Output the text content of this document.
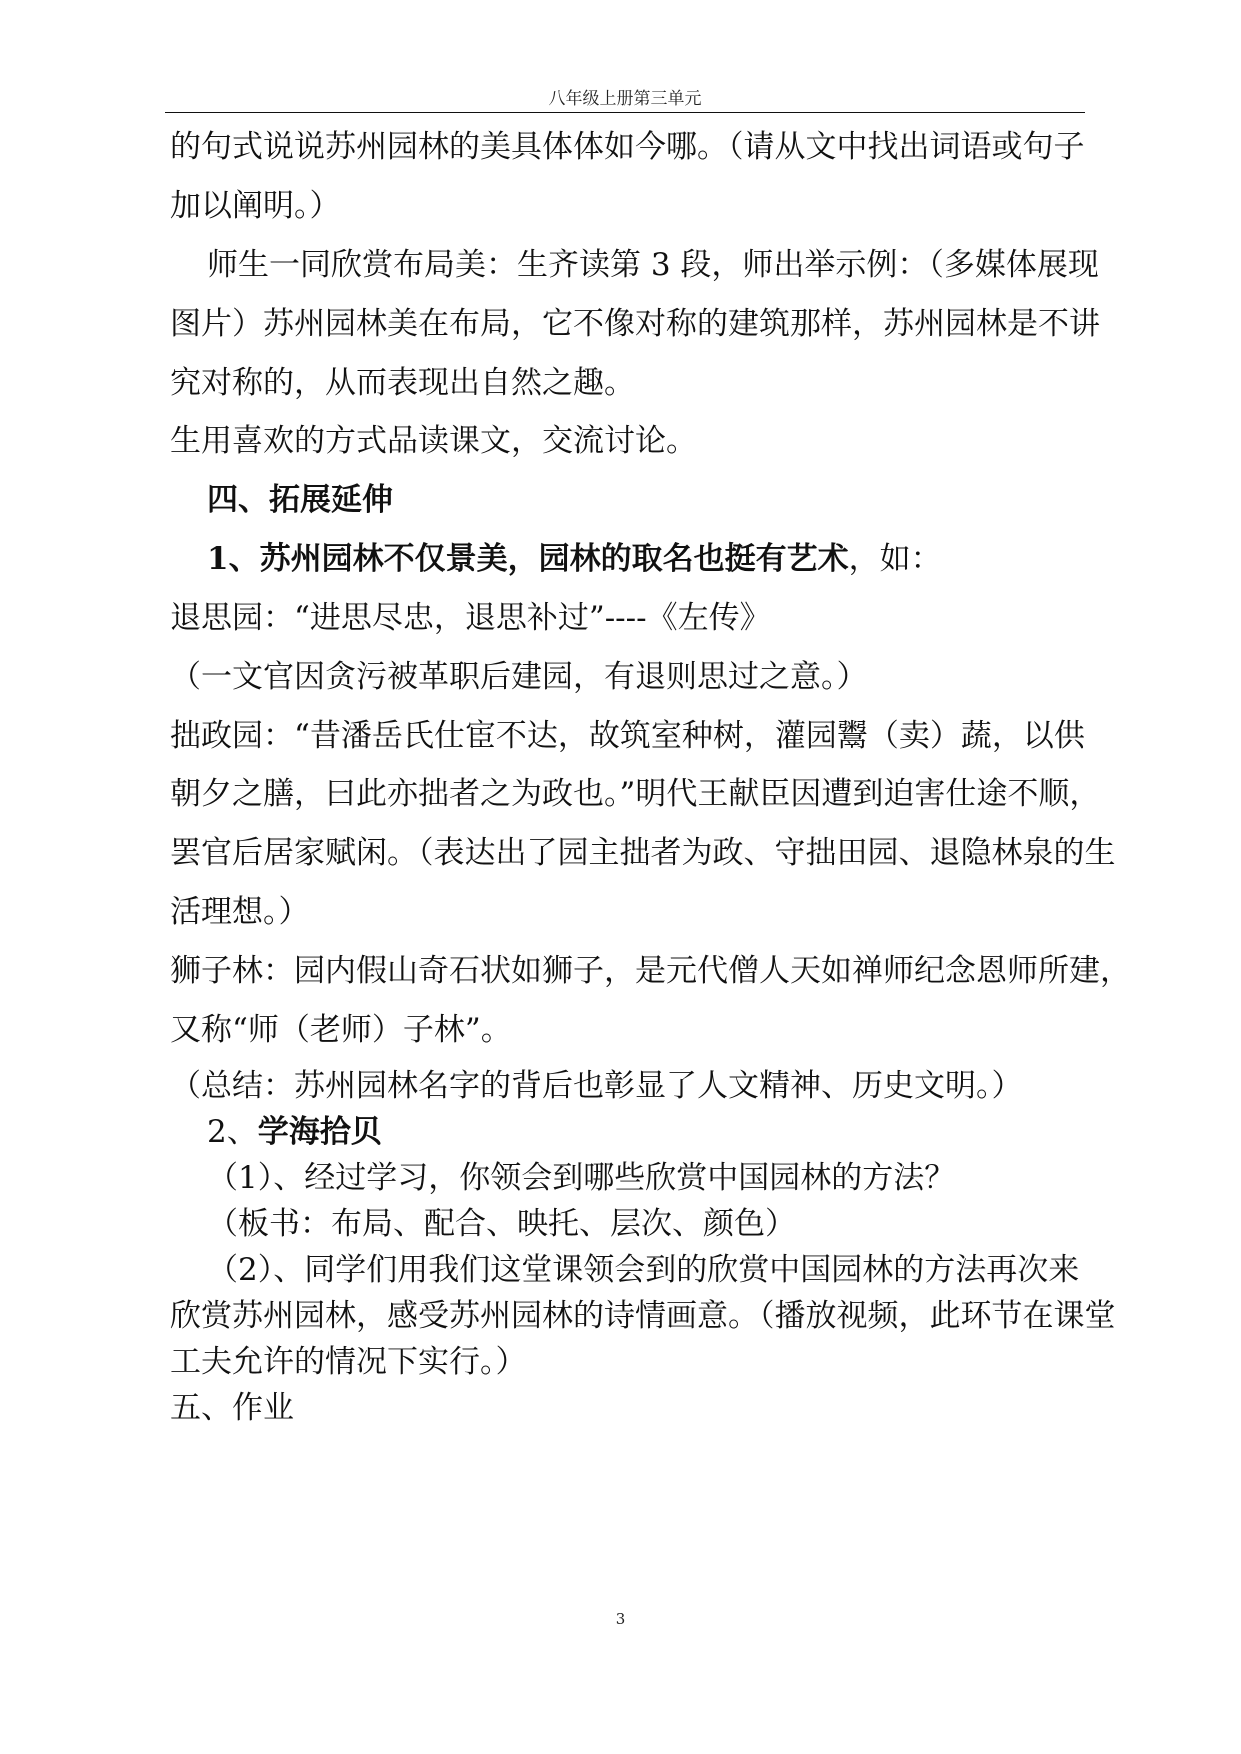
八年级上册第三单元
的句式说说苏州园林的美具体体如今哪。（请从文中找出词语或句子
加以阐明。）
师生一同欣赏布局美：生齐读第 3 段，师出举示例：（多媒体展现
图片）苏州园林美在布局，它不像对称的建筑那样，苏州园林是不讲
究对称的，从而表现出自然之趣。
生用喜欢的方式品读课文，交流讨论。
四、拓展延伸
1、苏州园林不仅景美，园林的取名也挺有艺术，如：
退思园：“进思尽忠，退思补过”----《左传》
（一文官因贪污被革职后建园，有退则思过之意。）
拙政园：“昔潘岳氏仕宦不达，故筑室种树，灌园鬻（卖）蔬，以供
朝夕之膳，曰此亦拙者之为政也。”明代王献臣因遭到迫害仕途不顺，
罢官后居家赋闲。（表达出了园主拙者为政、守拙田园、退隐林泉的生
活理想。）
狮子林：园内假山奇石状如狮子，是元代僧人天如禅师纪念恩师所建，
又称“师（老师）子林”。
（总结：苏州园林名字的背后也彰显了人文精神、历史文明。）
2、学海拾贝
（1）、经过学习，你领会到哪些欣赏中国园林的方法？
（板书：布局、配合、映托、层次、颜色）
（2）、同学们用我们这堂课领会到的欣赏中国园林的方法再次来
欣赏苏州园林，感受苏州园林的诗情画意。（播放视频，此环节在课堂
工夫允许的情况下实行。）
五、作业
3
